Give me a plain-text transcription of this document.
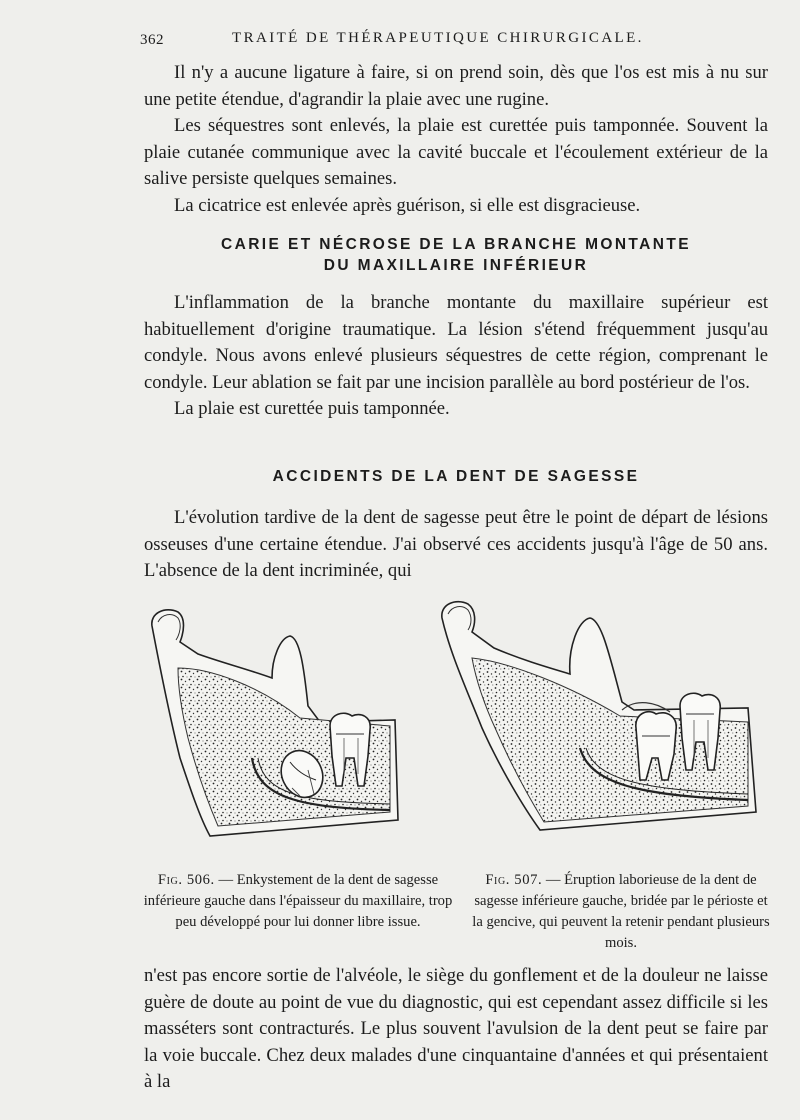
362	TRAITÉ DE THÉRAPEUTIQUE CHIRURGICALE.

Il n'y a aucune ligature à faire, si on prend soin, dès que l'os est mis à nu sur une petite étendue, d'agrandir la plaie avec une rugine.

Les séquestres sont enlevés, la plaie est curettée puis tamponnée. Souvent la plaie cutanée communique avec la cavité buccale et l'écoulement extérieur de la salive persiste quelques semaines.

La cicatrice est enlevée après guérison, si elle est disgracieuse.

CARIE ET NÉCROSE DE LA BRANCHE MONTANTE
DU MAXILLAIRE INFÉRIEUR

L'inflammation de la branche montante du maxillaire supérieur est habituellement d'origine traumatique. La lésion s'étend fréquemment jusqu'au condyle. Nous avons enlevé plusieurs séquestres de cette région, comprenant le condyle. Leur ablation se fait par une incision parallèle au bord postérieur de l'os.

La plaie est curettée puis tamponnée.

ACCIDENTS DE LA DENT DE SAGESSE

L'évolution tardive de la dent de sagesse peut être le point de départ de lésions osseuses d'une certaine étendue. J'ai observé ces accidents jusqu'à l'âge de 50 ans. L'absence de la dent incriminée, qui

Fig. 506. — Enkystement de la dent de sagesse inférieure gauche dans l'épaisseur du maxillaire, trop peu développé pour lui donner libre issue.
Fig. 507. — Éruption laborieuse de la dent de sagesse inférieure gauche, bridée par le périoste et la gencive, qui peuvent la retenir pendant plusieurs mois.

n'est pas encore sortie de l'alvéole, le siège du gonflement et de la douleur ne laisse guère de doute au point de vue du diagnostic, qui est cependant assez difficile si les masséters sont contracturés. Le plus souvent l'avulsion de la dent peut se faire par la voie buccale. Chez deux malades d'une cinquantaine d'années et qui présentaient à la
